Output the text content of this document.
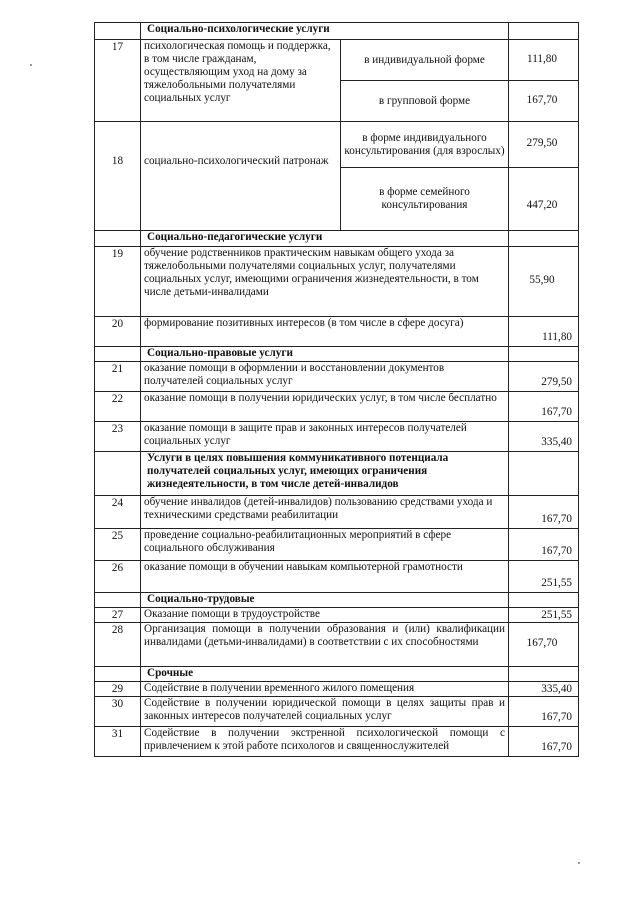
	Социально-психологические услуги		
17	психологическая помощь и поддержка, в том числе гражданам, осуществляющим уход на дому за тяжелобольными получателями социальных услуг	в индивидуальной форме	111,80
		в групповой форме	167,70
18	социально-психологический патронаж	в форме индивидуального консультирования (для взрослых)	279,50
		в форме семейного консультирования	447,20
	Социально-педагогические услуги		
19	обучение родственников практическим навыкам общего ухода за тяжелобольными получателями социальных услуг, получателями социальных услуг, имеющими ограничения жизнедеятельности, в том числе детьми-инвалидами		55,90
20	формирование позитивных интересов (в том числе в сфере досуга)		111,80
	Социально-правовые услуги		
21	оказание помощи в оформлении и восстановлении документов получателей социальных услуг		279,50
22	оказание помощи в получении юридических услуг, в том числе бесплатно		167,70
23	оказание помощи в защите прав и законных интересов получателей социальных услуг		335,40
	Услуги в целях повышения коммуникативного потенциала получателей социальных услуг, имеющих ограничения жизнедеятельности, в том числе детей-инвалидов		
24	обучение инвалидов (детей-инвалидов) пользованию средствами ухода и техническими средствами реабилитации		167,70
25	проведение социально-реабилитационных мероприятий в сфере социального обслуживания		167,70
26	оказание помощи в обучении навыкам компьютерной грамотности		251,55
	Социально-трудовые		
27	Оказание помощи в трудоустройстве		251,55
28	Организация помощи в получении образования и (или) квалификации инвалидами (детьми-инвалидами) в соответствии с их способностями		167,70
	Срочные		
29	Содействие в получении временного жилого помещения		335,40
30	Содействие в получении юридической помощи в целях защиты прав и законных интересов получателей социальных услуг		167,70
31	Содействие в получении экстренной психологической помощи с привлечением к этой работе психологов и священнослужителей		167,70
